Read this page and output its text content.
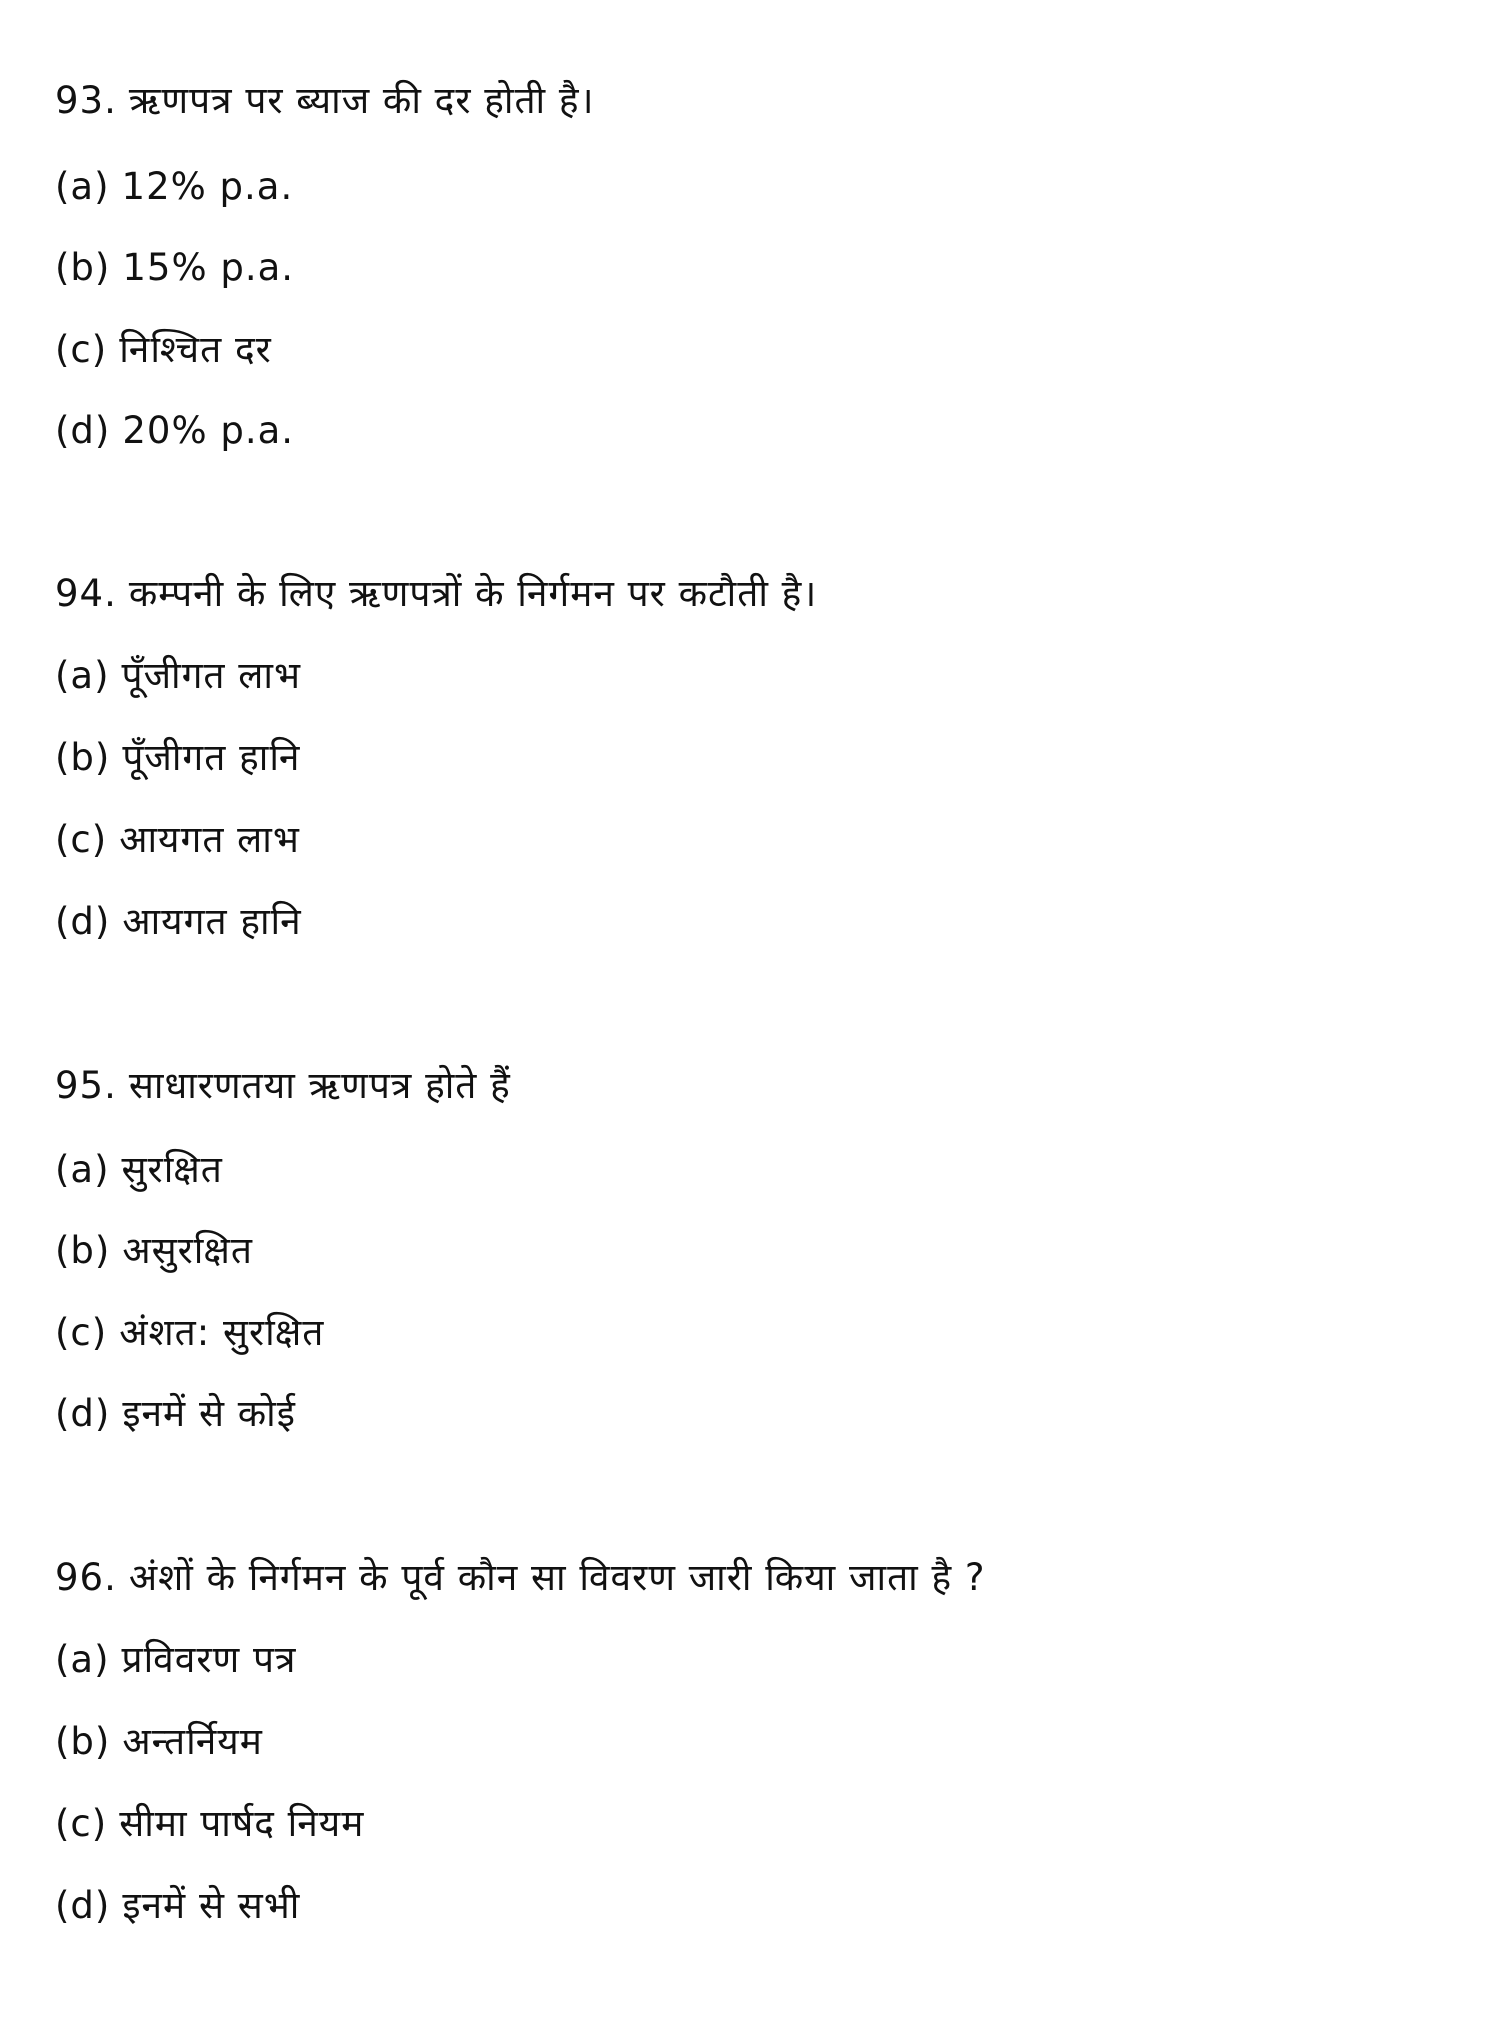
93. ऋणपत्र पर ब्याज की दर होती है।
(a) 12% p.a.
(b) 15% p.a.
(c) निश्चित दर
(d) 20% p.a.
94. कम्पनी के लिए ऋणपत्रों के निर्गमन पर कटौती है।
(a) पूँजीगत लाभ
(b) पूँजीगत हानि
(c) आयगत लाभ
(d) आयगत हानि
95. साधारणतया ऋणपत्र होते हैं
(a) सुरक्षित
(b) असुरक्षित
(c) अंशत: सुरक्षित
(d) इनमें से कोई
96. अंशों के निर्गमन के पूर्व कौन सा विवरण जारी किया जाता है ?
(a) प्रविवरण पत्र
(b) अन्तर्नियम
(c) सीमा पार्षद नियम
(d) इनमें से सभी
